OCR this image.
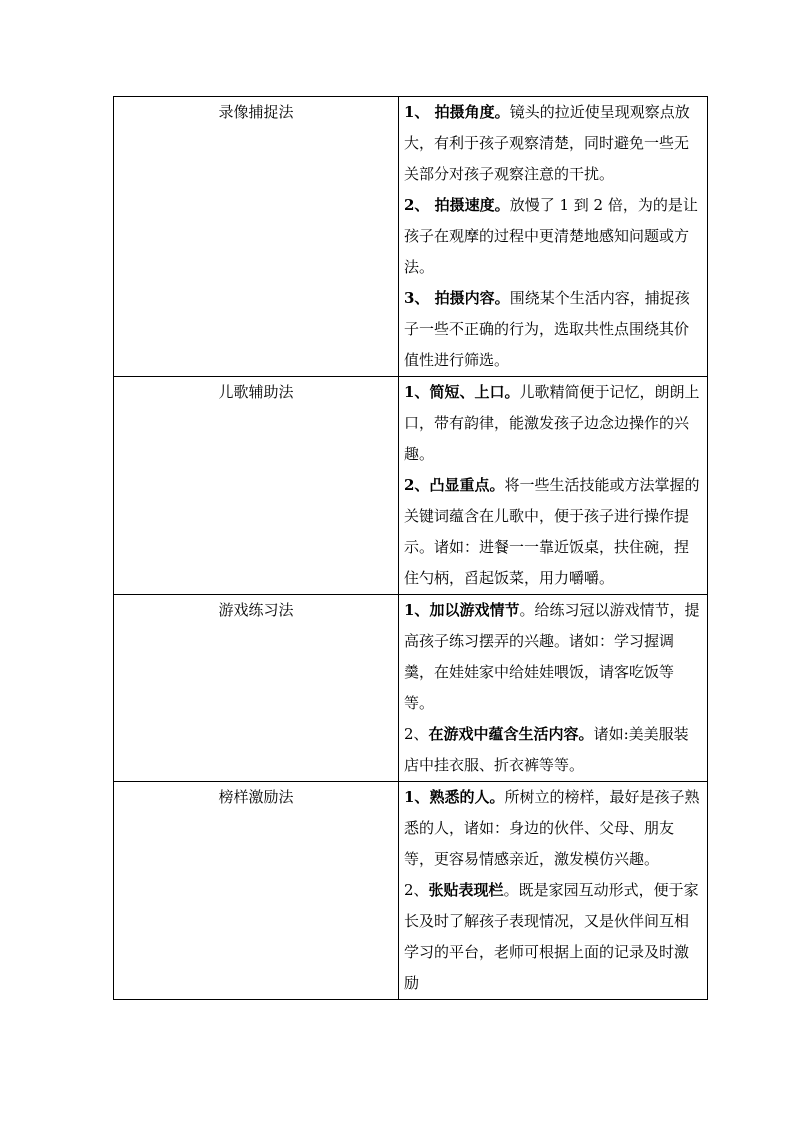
录像捕捉法	1、 拍摄角度。镜头的拉近使呈现观察点放大，有利于孩子观察清楚，同时避免一些无关部分对孩子观察注意的干扰。

2、 拍摄速度。放慢了 1 到 2 倍，为的是让孩子在观摩的过程中更清楚地感知问题或方法。

3、 拍摄内容。围绕某个生活内容，捕捉孩子一些不正确的行为，选取共性点围绕其价值性进行筛选。

儿歌辅助法	1、简短、上口。儿歌精简便于记忆，朗朗上口，带有韵律，能激发孩子边念边操作的兴趣。

2、凸显重点。将一些生活技能或方法掌握的关键词蕴含在儿歌中，便于孩子进行操作提示。诸如：进餐一一靠近饭桌，扶住碗，捏住勺柄，舀起饭菜，用力嚼嚼。

游戏练习法	1、加以游戏情节。给练习冠以游戏情节，提高孩子练习摆弄的兴趣。诸如：学习握调羹，在娃娃家中给娃娃喂饭，请客吃饭等等。

2、在游戏中蕴含生活内容。诸如:美美服装店中挂衣服、折衣裤等等。

榜样激励法	1、熟悉的人。所树立的榜样，最好是孩子熟悉的人，诸如：身边的伙伴、父母、朋友等，更容易情感亲近，激发模仿兴趣。

2、张贴表现栏。既是家园互动形式，便于家长及时了解孩子表现情况，又是伙伴间互相学习的平台，老师可根据上面的记录及时激励
